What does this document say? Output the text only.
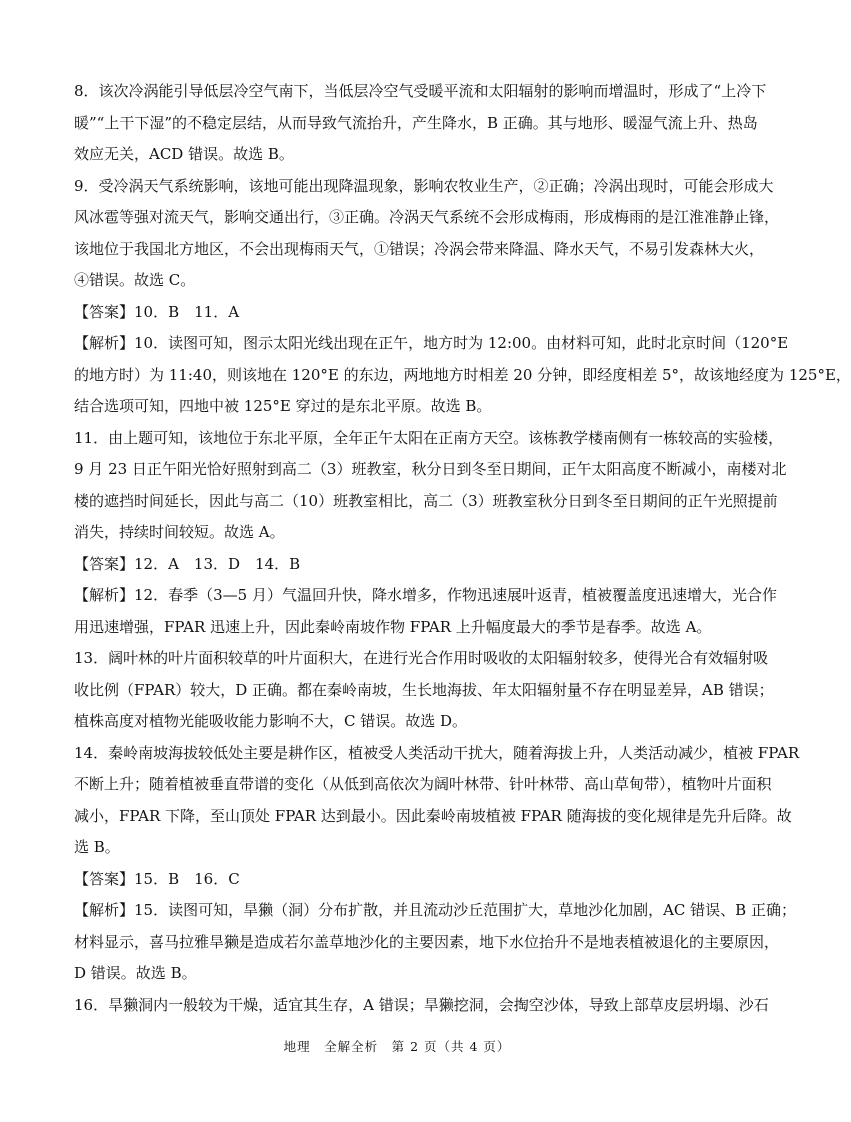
8．该次冷涡能引导低层冷空气南下，当低层冷空气受暖平流和太阳辐射的影响而增温时，形成了“上冷下
暖”“上干下湿”的不稳定层结，从而导致气流抬升，产生降水，B 正确。其与地形、暖湿气流上升、热岛
效应无关，ACD 错误。故选 B。
9．受冷涡天气系统影响，该地可能出现降温现象，影响农牧业生产，②正确；冷涡出现时，可能会形成大
风冰雹等强对流天气，影响交通出行，③正确。冷涡天气系统不会形成梅雨，形成梅雨的是江淮准静止锋，
该地位于我国北方地区，不会出现梅雨天气，①错误；冷涡会带来降温、降水天气，不易引发森林大火，
④错误。故选 C。
【答案】10．B　11．A
【解析】10．读图可知，图示太阳光线出现在正午，地方时为 12:00。由材料可知，此时北京时间（120°E
的地方时）为 11:40，则该地在 120°E 的东边，两地地方时相差 20 分钟，即经度相差 5°，故该地经度为 125°E，
结合选项可知，四地中被 125°E 穿过的是东北平原。故选 B。
11．由上题可知，该地位于东北平原，全年正午太阳在正南方天空。该栋教学楼南侧有一栋较高的实验楼，
9 月 23 日正午阳光恰好照射到高二（3）班教室，秋分日到冬至日期间，正午太阳高度不断减小，南楼对北
楼的遮挡时间延长，因此与高二（10）班教室相比，高二（3）班教室秋分日到冬至日期间的正午光照提前
消失，持续时间较短。故选 A。
【答案】12．A　13．D　14．B
【解析】12．春季（3—5 月）气温回升快，降水增多，作物迅速展叶返青，植被覆盖度迅速增大，光合作
用迅速增强，FPAR 迅速上升，因此秦岭南坡作物 FPAR 上升幅度最大的季节是春季。故选 A。
13．阔叶林的叶片面积较草的叶片面积大，在进行光合作用时吸收的太阳辐射较多，使得光合有效辐射吸
收比例（FPAR）较大，D 正确。都在秦岭南坡，生长地海拔、年太阳辐射量不存在明显差异，AB 错误；
植株高度对植物光能吸收能力影响不大，C 错误。故选 D。
14．秦岭南坡海拔较低处主要是耕作区，植被受人类活动干扰大，随着海拔上升，人类活动减少，植被 FPAR
不断上升；随着植被垂直带谱的变化（从低到高依次为阔叶林带、针叶林带、高山草甸带），植物叶片面积
减小，FPAR 下降，至山顶处 FPAR 达到最小。因此秦岭南坡植被 FPAR 随海拔的变化规律是先升后降。故
选 B。
【答案】15．B　16．C
【解析】15．读图可知，旱獭（洞）分布扩散，并且流动沙丘范围扩大，草地沙化加剧，AC 错误、B 正确；
材料显示，喜马拉雅旱獭是造成若尔盖草地沙化的主要因素，地下水位抬升不是地表植被退化的主要原因，
D 错误。故选 B。
16．旱獭洞内一般较为干燥，适宜其生存，A 错误；旱獭挖洞，会掏空沙体，导致上部草皮层坍塌、沙石
地理　全解全析　第 2 页（共 4 页）
